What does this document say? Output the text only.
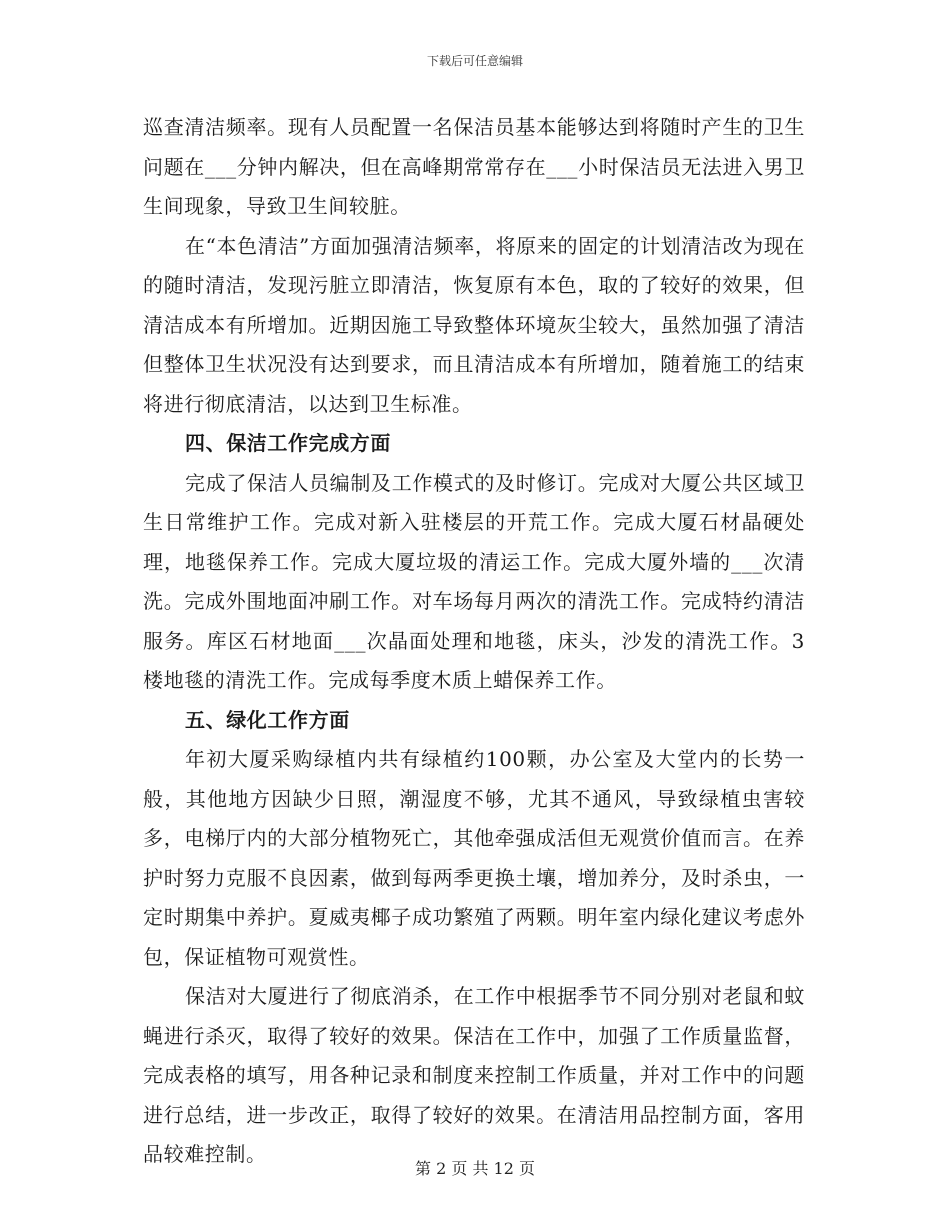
下载后可任意编辑

巡查清洁频率。现有人员配置一名保洁员基本能够达到将随时产生的卫生问题在___分钟内解决，但在高峰期常常存在___小时保洁员无法进入男卫生间现象，导致卫生间较脏。

在“本色清洁”方面加强清洁频率，将原来的固定的计划清洁改为现在的随时清洁，发现污脏立即清洁，恢复原有本色，取的了较好的效果，但清洁成本有所增加。近期因施工导致整体环境灰尘较大，虽然加强了清洁但整体卫生状况没有达到要求，而且清洁成本有所增加，随着施工的结束将进行彻底清洁，以达到卫生标准。

四、保洁工作完成方面

完成了保洁人员编制及工作模式的及时修订。完成对大厦公共区域卫生日常维护工作。完成对新入驻楼层的开荒工作。完成大厦石材晶硬处理，地毯保养工作。完成大厦垃圾的清运工作。完成大厦外墙的___次清洗。完成外围地面冲刷工作。对车场每月两次的清洗工作。完成特约清洁服务。库区石材地面___次晶面处理和地毯，床头，沙发的清洗工作。3楼地毯的清洗工作。完成每季度木质上蜡保养工作。

五、绿化工作方面

年初大厦采购绿植内共有绿植约100颗，办公室及大堂内的长势一般，其他地方因缺少日照，潮湿度不够，尤其不通风，导致绿植虫害较多，电梯厅内的大部分植物死亡，其他牵强成活但无观赏价值而言。在养护时努力克服不良因素，做到每两季更换土壤，增加养分，及时杀虫，一定时期集中养护。夏威夷椰子成功繁殖了两颗。明年室内绿化建议考虑外包，保证植物可观赏性。

保洁对大厦进行了彻底消杀，在工作中根据季节不同分别对老鼠和蚊蝇进行杀灭，取得了较好的效果。保洁在工作中，加强了工作质量监督，完成表格的填写，用各种记录和制度来控制工作质量，并对工作中的问题进行总结，进一步改正，取得了较好的效果。在清洁用品控制方面，客用品较难控制。

第 2 页 共 12 页
